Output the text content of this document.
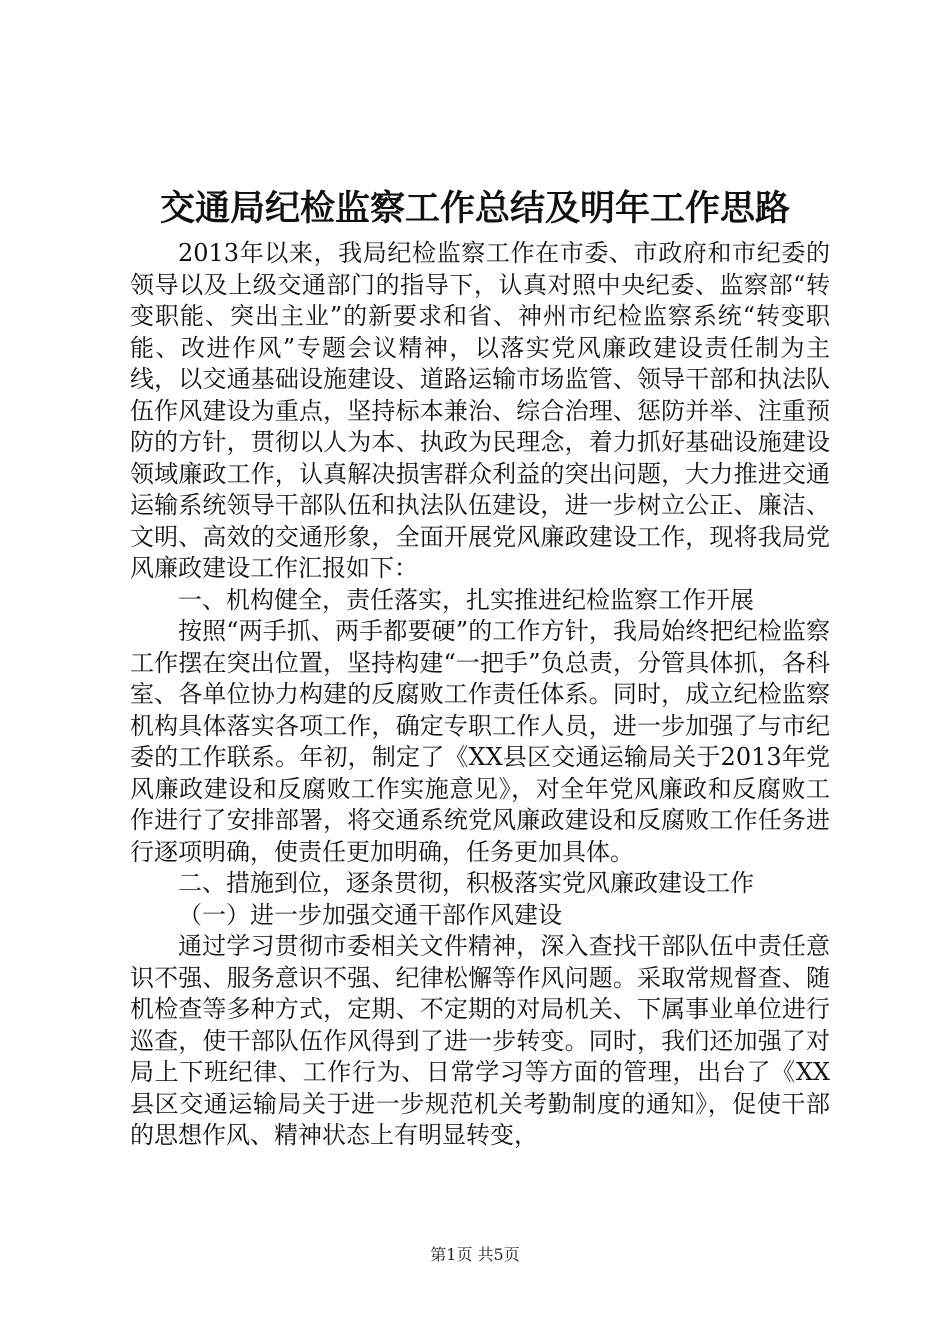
交通局纪检监察工作总结及明年工作思路

2013年以来，我局纪检监察工作在市委、市政府和市纪委的领导以及上级交通部门的指导下，认真对照中央纪委、监察部“转变职能、突出主业”的新要求和省、神州市纪检监察系统“转变职能、改进作风”专题会议精神，以落实党风廉政建设责任制为主线，以交通基础设施建设、道路运输市场监管、领导干部和执法队伍作风建设为重点，坚持标本兼治、综合治理、惩防并举、注重预防的方针，贯彻以人为本、执政为民理念，着力抓好基础设施建设领域廉政工作，认真解决损害群众利益的突出问题，大力推进交通运输系统领导干部队伍和执法队伍建设，进一步树立公正、廉洁、文明、高效的交通形象，全面开展党风廉政建设工作，现将我局党风廉政建设工作汇报如下：

一、机构健全，责任落实，扎实推进纪检监察工作开展

按照“两手抓、两手都要硬”的工作方针，我局始终把纪检监察工作摆在突出位置，坚持构建“一把手”负总责，分管具体抓，各科室、各单位协力构建的反腐败工作责任体系。同时，成立纪检监察机构具体落实各项工作，确定专职工作人员，进一步加强了与市纪委的工作联系。年初，制定了《XX县区交通运输局关于2013年党风廉政建设和反腐败工作实施意见》，对全年党风廉政和反腐败工作进行了安排部署，将交通系统党风廉政建设和反腐败工作任务进行逐项明确，使责任更加明确，任务更加具体。

二、措施到位，逐条贯彻，积极落实党风廉政建设工作

（一）进一步加强交通干部作风建设

通过学习贯彻市委相关文件精神，深入查找干部队伍中责任意识不强、服务意识不强、纪律松懈等作风问题。采取常规督查、随机检查等多种方式，定期、不定期的对局机关、下属事业单位进行巡查，使干部队伍作风得到了进一步转变。同时，我们还加强了对局上下班纪律、工作行为、日常学习等方面的管理，出台了《XX县区交通运输局关于进一步规范机关考勤制度的通知》，促使干部的思想作风、精神状态上有明显转变，

第1页 共5页
